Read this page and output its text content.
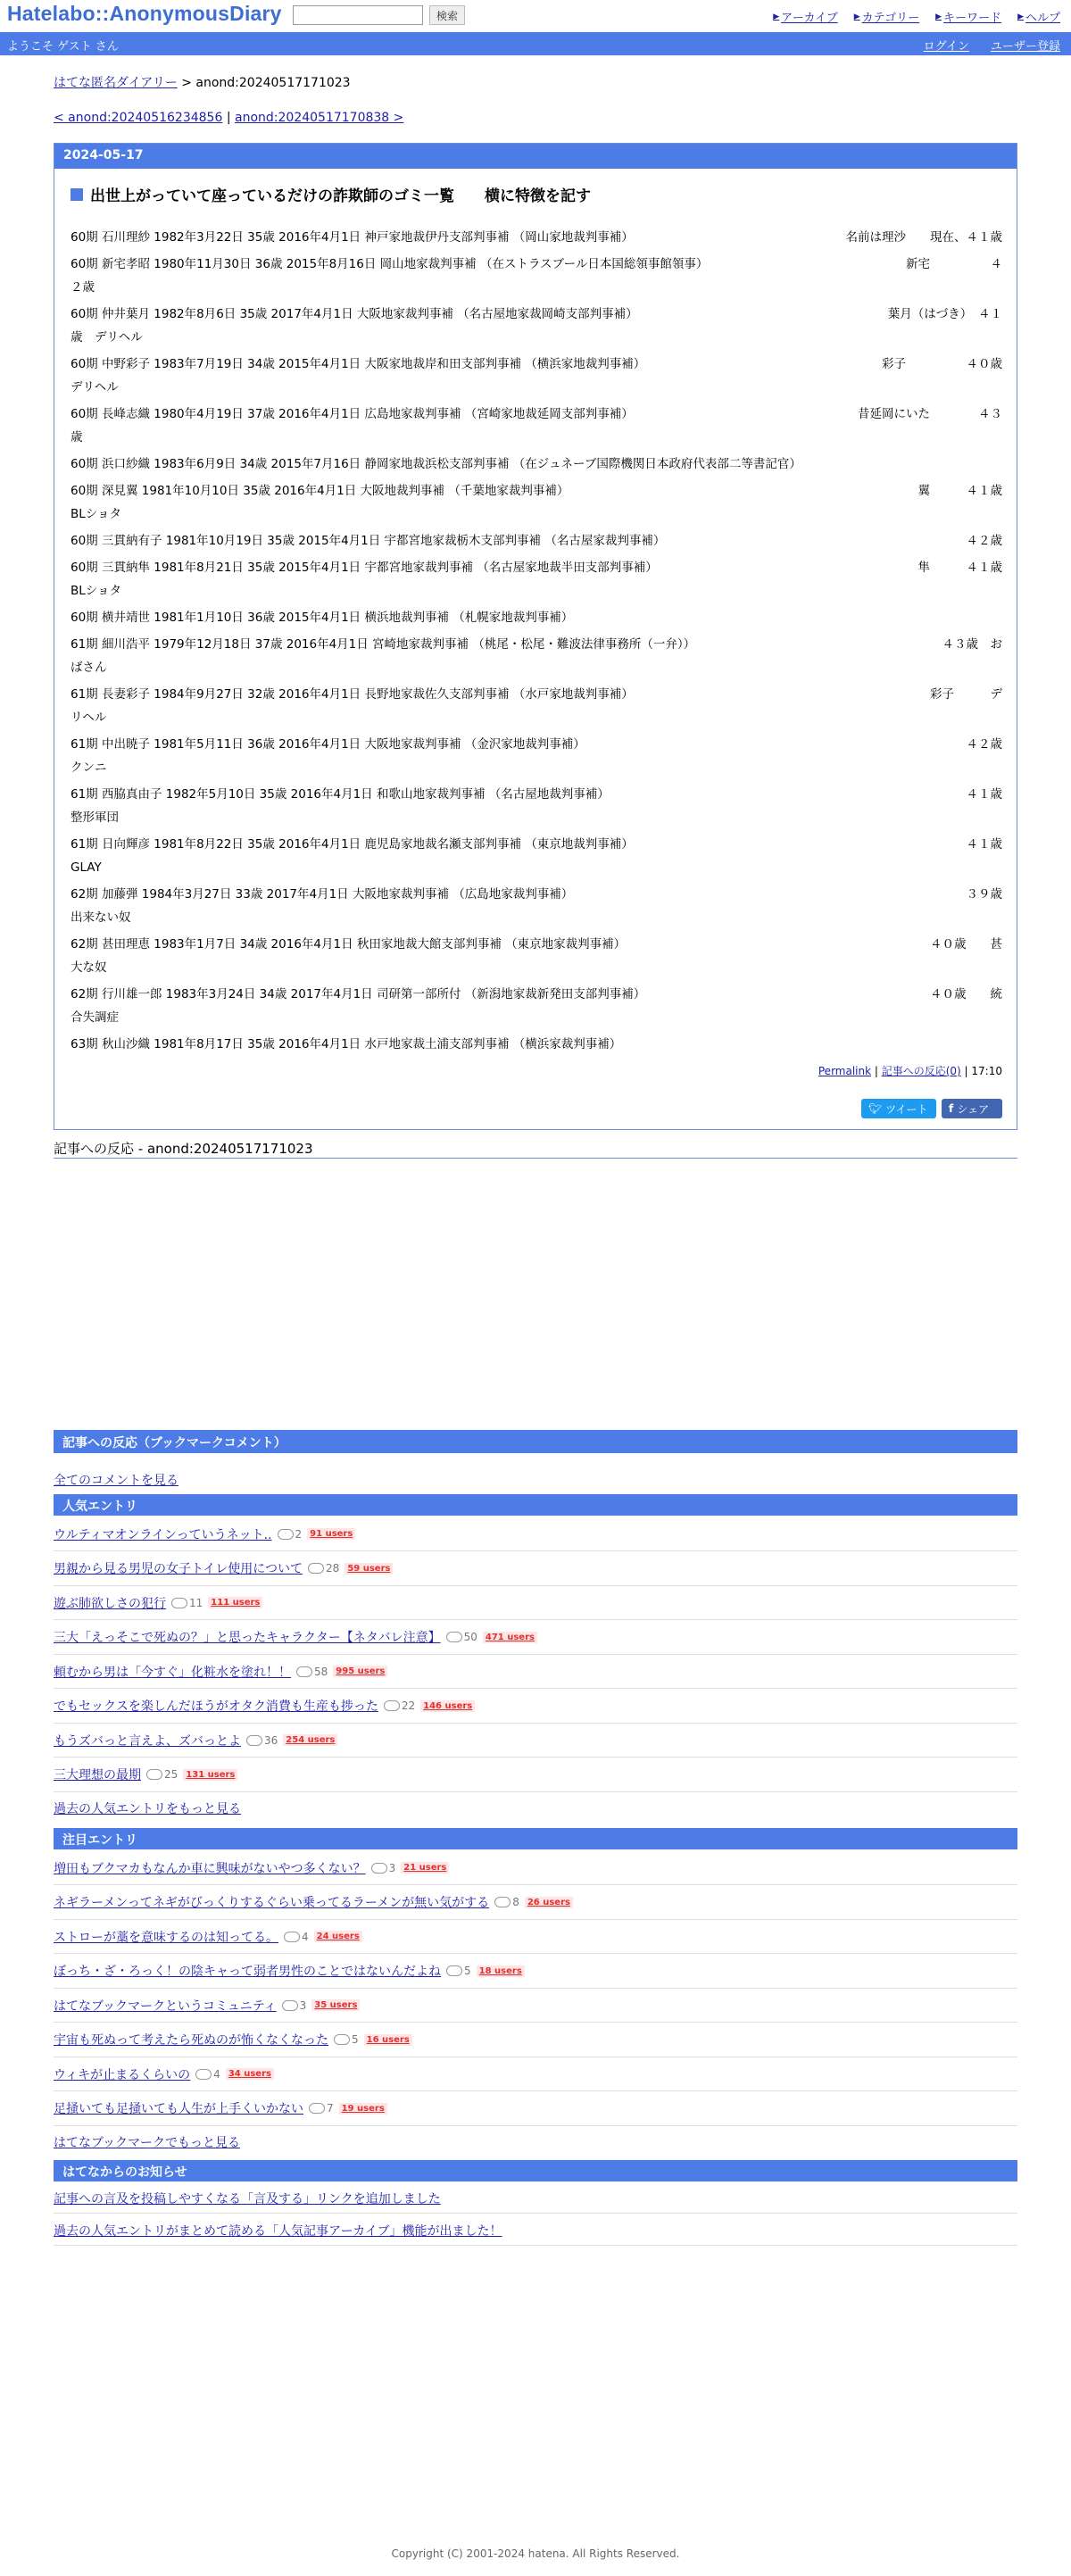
Hatelabo::AnonymousDiary	検索	▶ アーカイブ ▶ カテゴリー ▶ キーワード ▶ ヘルプ
ようこそ ゲスト さん	ログイン ユーザー登録
はてな匿名ダイアリー > anond:20240517171023
< anond:20240516234856 | anond:20240517170838 >
2024-05-17
出世上がっていて座っているだけの詐欺師のゴミ一覧　　横に特徴を記す
60期 石川理紗 1982年3月22日 35歳 2016年4月1日 神戸家地裁伊丹支部判事補 （岡山家地裁判事補）	名前は理沙　　現在、４１歳
60期 新宅孝昭 1980年11月30日 36歳 2015年8月16日 岡山地家裁判事補 （在ストラスブール日本国総領事館領事）	新宅　　　　　４
２歳
60期 仲井葉月 1982年8月6日 35歳 2017年4月1日 大阪地家裁判事補 （名古屋地家裁岡崎支部判事補）	葉月（はづき）　４１
歳　デリヘル
60期 中野彩子 1983年7月19日 34歳 2015年4月1日 大阪家地裁岸和田支部判事補 （横浜家地裁判事補）	彩子　　　　　４０歳
デリヘル
60期 長峰志織 1980年4月19日 37歳 2016年4月1日 広島地家裁判事補 （宮崎家地裁延岡支部判事補）	昔延岡にいた　　　　４３
歳
60期 浜口紗織 1983年6月9日 34歳 2015年7月16日 静岡家地裁浜松支部判事補 （在ジュネーブ国際機関日本政府代表部二等書記官）
60期 深見翼 1981年10月10日 35歳 2016年4月1日 大阪地裁判事補 （千葉地家裁判事補）	翼　　　４１歳
BLショタ
60期 三貫納有子 1981年10月19日 35歳 2015年4月1日 宇都宮地家裁栃木支部判事補 （名古屋家裁判事補）	４２歳
60期 三貫納隼 1981年8月21日 35歳 2015年4月1日 宇都宮地家裁判事補 （名古屋家地裁半田支部判事補）	隼　　　４１歳
BLショタ
60期 横井靖世 1981年1月10日 36歳 2015年4月1日 横浜地裁判事補 （札幌家地裁判事補）
61期 細川浩平 1979年12月18日 37歳 2016年4月1日 宮崎地家裁判事補 （桃尾・松尾・難波法律事務所（一弁））	４３歳　お
ばさん
61期 長妻彩子 1984年9月27日 32歳 2016年4月1日 長野地家裁佐久支部判事補 （水戸家地裁判事補）	彩子　　　デ
リヘル
61期 中出暁子 1981年5月11日 36歳 2016年4月1日 大阪地家裁判事補 （金沢家地裁判事補）	４２歳
クンニ
61期 西脇真由子 1982年5月10日 35歳 2016年4月1日 和歌山地家裁判事補 （名古屋地裁判事補）	４１歳
整形軍団
61期 日向輝彦 1981年8月22日 35歳 2016年4月1日 鹿児島家地裁名瀬支部判事補 （東京地裁判事補）	４１歳
GLAY
62期 加藤弾 1984年3月27日 33歳 2017年4月1日 大阪地家裁判事補 （広島地家裁判事補）	３９歳
出来ない奴
62期 甚田理恵 1983年1月7日 34歳 2016年4月1日 秋田家地裁大館支部判事補 （東京地家裁判事補）	４０歳　　甚
大な奴
62期 行川雄一郎 1983年3月24日 34歳 2017年4月1日 司研第一部所付 （新潟地家裁新発田支部判事補）	４０歳　　統
合失調症
63期 秋山沙織 1981年8月17日 35歳 2016年4月1日 水戸地家裁土浦支部判事補 （横浜家裁判事補）
Permalink | 記事への反応(0) | 17:10
🐦︎ ツイート f シェア
記事への反応 - anond:20240517171023
記事への反応（ブックマークコメント）
全てのコメントを見る
人気エントリ
ウルティマオンラインっていうネット.. 2 91 users
男親から見る男児の女子トイレ使用について 28 59 users
遊ぶ肺欲しさの犯行 11 111 users
三大「えっそこで死ぬの？」と思ったキャラクター【ネタバレ注意】 50 471 users
頼むから男は「今すぐ」化粧水を塗れ！！ 58 995 users
でもセックスを楽しんだほうがオタク消費も生産も捗った 22 146 users
もうズバっと言えよ、ズバっとよ 36 254 users
三大理想の最期 25 131 users
過去の人気エントリをもっと見る
注目エントリ
増田もブクマカもなんか車に興味がないやつ多くない？ 3 21 users
ネギラーメンってネギがびっくりするぐらい乗ってるラーメンが無い気がする 8 26 users
ストローが藁を意味するのは知ってる。 4 24 users
ぼっち・ざ・ろっく！の陰キャって弱者男性のことではないんだよね 5 18 users
はてなブックマークというコミュニティ 3 35 users
宇宙も死ぬって考えたら死ぬのが怖くなくなった 5 16 users
ウィキが止まるくらいの 4 34 users
足掻いても足掻いても人生が上手くいかない 7 19 users
はてなブックマークでもっと見る
はてなからのお知らせ
記事への言及を投稿しやすくなる「言及する」リンクを追加しました
過去の人気エントリがまとめて読める「人気記事アーカイブ」機能が出ました！
Copyright (C) 2001-2024 hatena. All Rights Reserved.
